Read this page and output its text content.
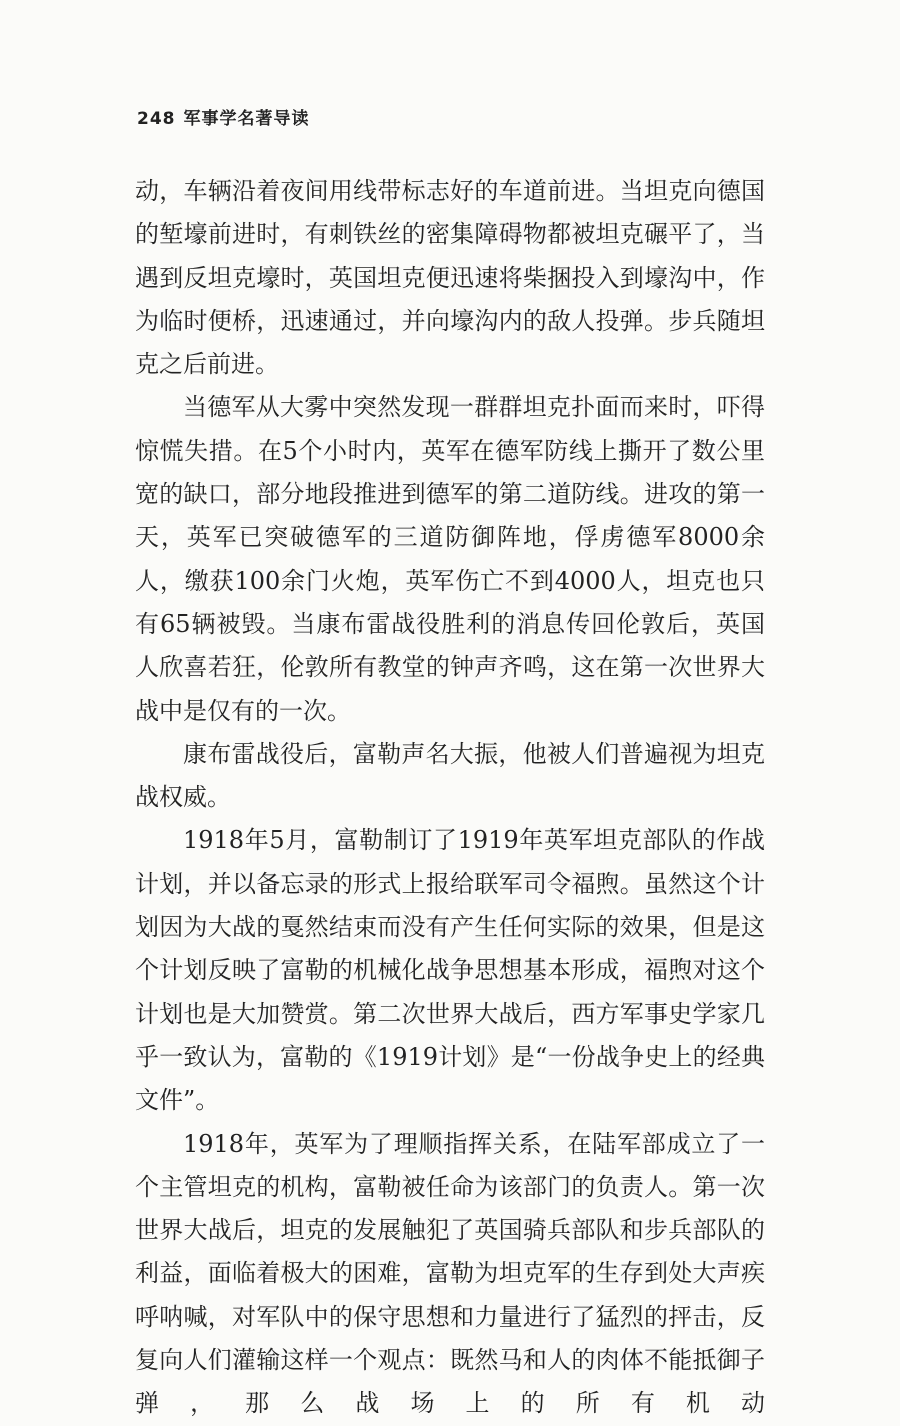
248 军事学名著导读

动，车辆沿着夜间用线带标志好的车道前进。当坦克向德国的堑壕前进时，有刺铁丝的密集障碍物都被坦克碾平了，当遇到反坦克壕时，英国坦克便迅速将柴捆投入到壕沟中，作为临时便桥，迅速通过，并向壕沟内的敌人投弹。步兵随坦克之后前进。

当德军从大雾中突然发现一群群坦克扑面而来时，吓得惊慌失措。在5个小时内，英军在德军防线上撕开了数公里宽的缺口，部分地段推进到德军的第二道防线。进攻的第一天，英军已突破德军的三道防御阵地，俘虏德军8000余人，缴获100余门火炮，英军伤亡不到4000人，坦克也只有65辆被毁。当康布雷战役胜利的消息传回伦敦后，英国人欣喜若狂，伦敦所有教堂的钟声齐鸣，这在第一次世界大战中是仅有的一次。

康布雷战役后，富勒声名大振，他被人们普遍视为坦克战权威。

1918年5月，富勒制订了1919年英军坦克部队的作战计划，并以备忘录的形式上报给联军司令福煦。虽然这个计划因为大战的戛然结束而没有产生任何实际的效果，但是这个计划反映了富勒的机械化战争思想基本形成，福煦对这个计划也是大加赞赏。第二次世界大战后，西方军事史学家几乎一致认为，富勒的《1919计划》是“一份战争史上的经典文件”。

1918年，英军为了理顺指挥关系，在陆军部成立了一个主管坦克的机构，富勒被任命为该部门的负责人。第一次世界大战后，坦克的发展触犯了英国骑兵部队和步兵部队的利益，面临着极大的困难，富勒为坦克军的生存到处大声疾呼呐喊，对军队中的保守思想和力量进行了猛烈的抨击，反复向人们灌输这样一个观点：既然马和人的肉体不能抵御子弹，那么战场上的所有机动
